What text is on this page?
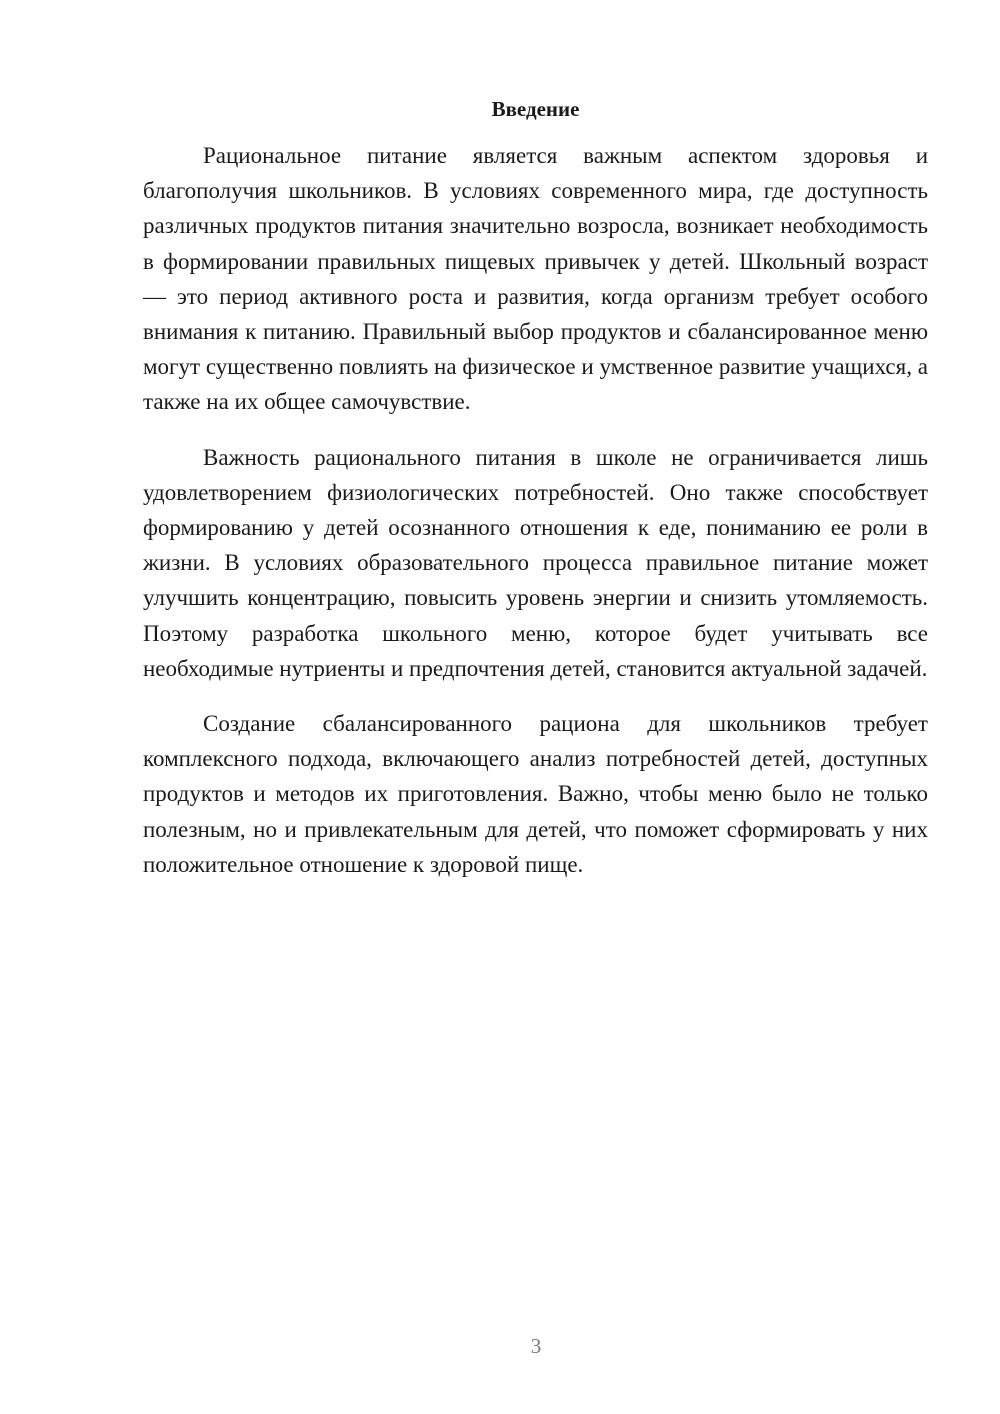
Введение

Рациональное питание является важным аспектом здоровья и благополучия школьников. В условиях современного мира, где доступность различных продуктов питания значительно возросла, возникает необходимость в формировании правильных пищевых привычек у детей. Школьный возраст — это период активного роста и развития, когда организм требует особого внимания к питанию. Правильный выбор продуктов и сбалансированное меню могут существенно повлиять на физическое и умственное развитие учащихся, а также на их общее самочувствие.

Важность рационального питания в школе не ограничивается лишь удовлетворением физиологических потребностей. Оно также способствует формированию у детей осознанного отношения к еде, пониманию ее роли в жизни. В условиях образовательного процесса правильное питание может улучшить концентрацию, повысить уровень энергии и снизить утомляемость. Поэтому разработка школьного меню, которое будет учитывать все необходимые нутриенты и предпочтения детей, становится актуальной задачей.

Создание сбалансированного рациона для школьников требует комплексного подхода, включающего анализ потребностей детей, доступных продуктов и методов их приготовления. Важно, чтобы меню было не только полезным, но и привлекательным для детей, что поможет сформировать у них положительное отношение к здоровой пище.

3
